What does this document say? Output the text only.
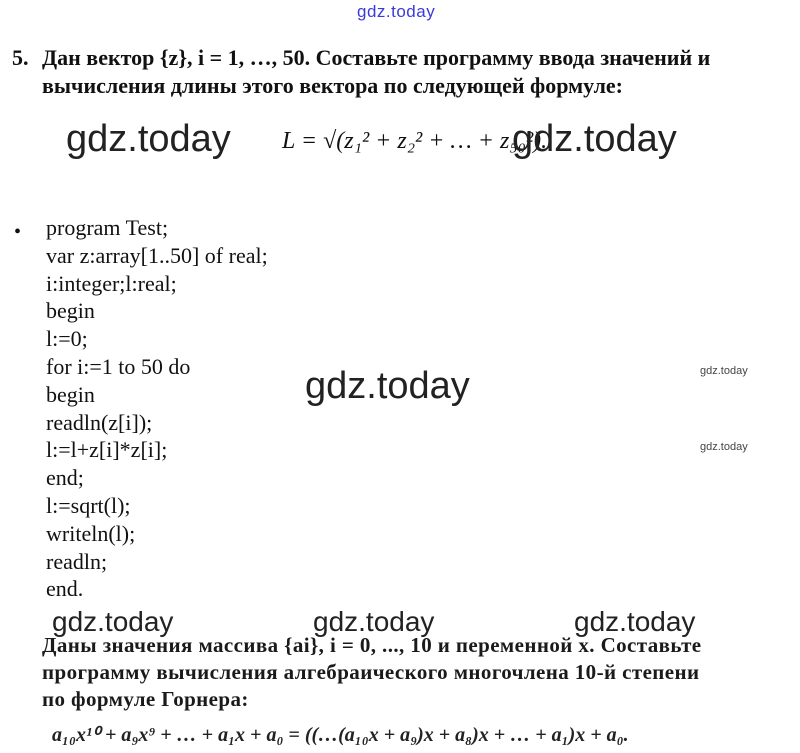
gdz.today
5. Дан вектор {z}, i = 1, …, 50. Составьте программу ввода значений и
вычисления длины этого вектора по следующей формуле:
gdz.today L = √(z₁² + z₂² + … + z₅₀²).
gdz.today
• program Test;
var z:array[1..50] of real;
i:integer;l:real;
begin
l:=0;
for i:=1 to 50 do
begin
readln(z[i]);
l:=l+z[i]*z[i];
end;
l:=sqrt(l);
writeln(l);
readln;
end.
gdz.today	gdz.today
gdz.today
gdz.today	gdz.today	gdz.today
Даны значения массива {ai}, i = 0, ..., 10 и переменной х. Составьте
программу вычисления алгебраического многочлена 10-й степени
по формуле Горнера:
a₁₀x¹⁰ + a₉x⁹ + … + a₁x + a₀ = ((…(a₁₀x + a₉)x + a₈)x + … + a₁)x + a₀.
